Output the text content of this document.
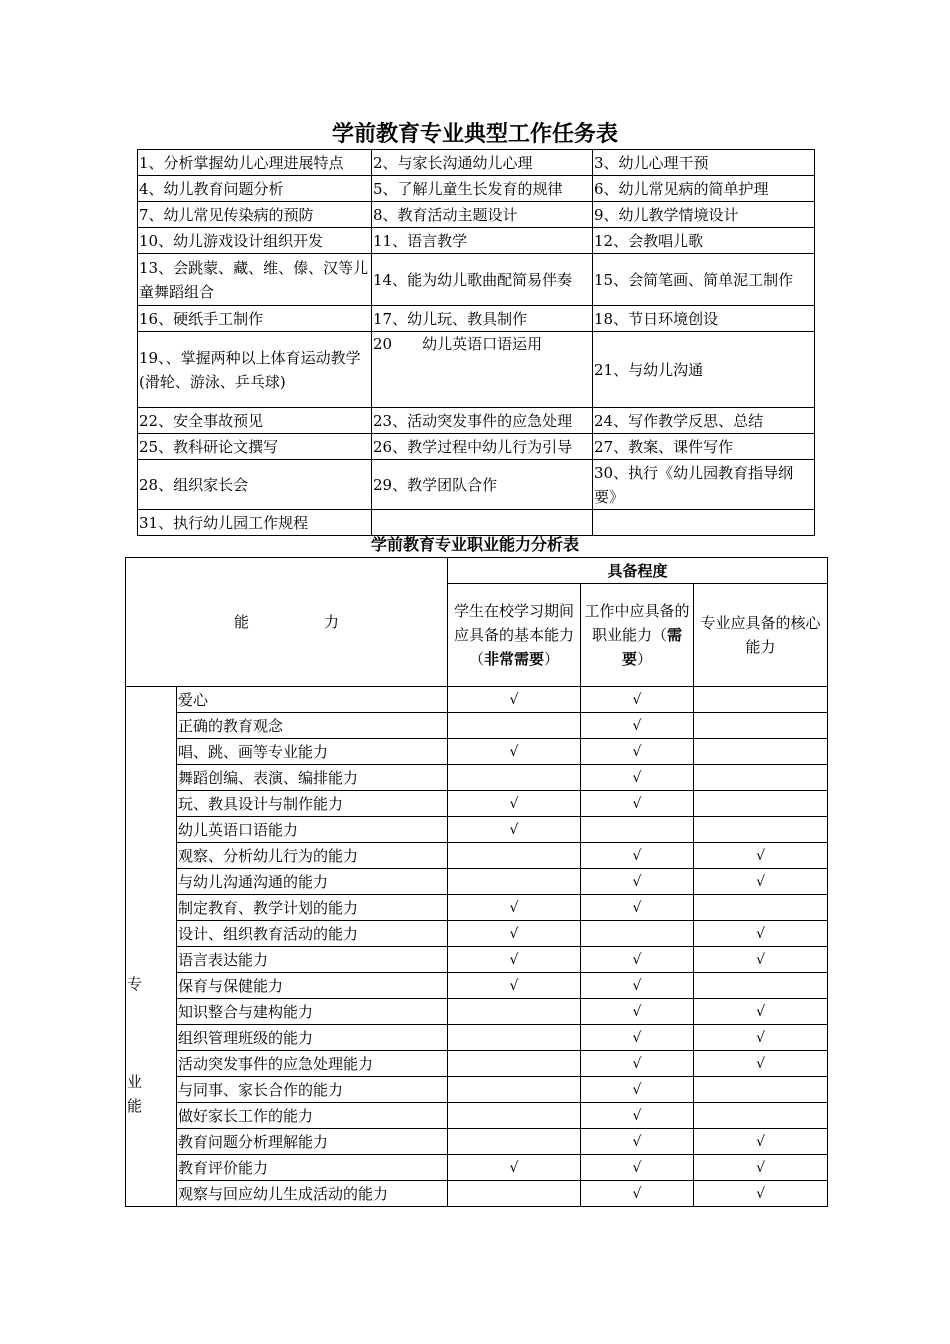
学前教育专业典型工作任务表
1、分析掌握幼儿心理进展特点	2、与家长沟通幼儿心理	3、幼儿心理干预
4、幼儿教育问题分析	5、了解儿童生长发育的规律	6、幼儿常见病的简单护理
7、幼儿常见传染病的预防	8、教育活动主题设计	9、幼儿教学情境设计
10、幼儿游戏设计组织开发	11、语言教学	12、会教唱儿歌
13、会跳蒙、藏、维、傣、汉等儿童舞蹈组合	14、能为幼儿歌曲配简易伴奏	15、会简笔画、简单泥工制作
16、硬纸手工制作	17、幼儿玩、教具制作	18、节日环境创设
19、、掌握两种以上体育运动教学(滑轮、游泳、乒乓球)	20　　幼儿英语口语运用	21、与幼儿沟通
22、安全事故预见	23、活动突发事件的应急处理	24、写作教学反思、总结
25、教科研论文撰写	26、教学过程中幼儿行为引导	27、教案、课件写作
28、组织家长会	29、教学团队合作	30、执行《幼儿园教育指导纲要》
31、执行幼儿园工作规程		
学前教育专业职业能力分析表
能　　　　　力		具备程度		
		学生在校学习期间应具备的基本能力（非常需要）	工作中应具备的职业能力（需要）	专业应具备的核心能力

专
业
能	爱心	√	√	
	正确的教育观念		√	
	唱、跳、画等专业能力	√	√	
	舞蹈创编、表演、编排能力		√	
	玩、教具设计与制作能力	√	√	
	幼儿英语口语能力	√		
	观察、分析幼儿行为的能力		√	√
	与幼儿沟通沟通的能力		√	√
	制定教育、教学计划的能力	√	√	
	设计、组织教育活动的能力	√		√
	语言表达能力	√	√	√
	保育与保健能力	√	√	
	知识整合与建构能力		√	√
	组织管理班级的能力		√	√
	活动突发事件的应急处理能力		√	√
	与同事、家长合作的能力		√	
	做好家长工作的能力		√	
	教育问题分析理解能力		√	√
	教育评价能力	√	√	√
	观察与回应幼儿生成活动的能力		√	√
